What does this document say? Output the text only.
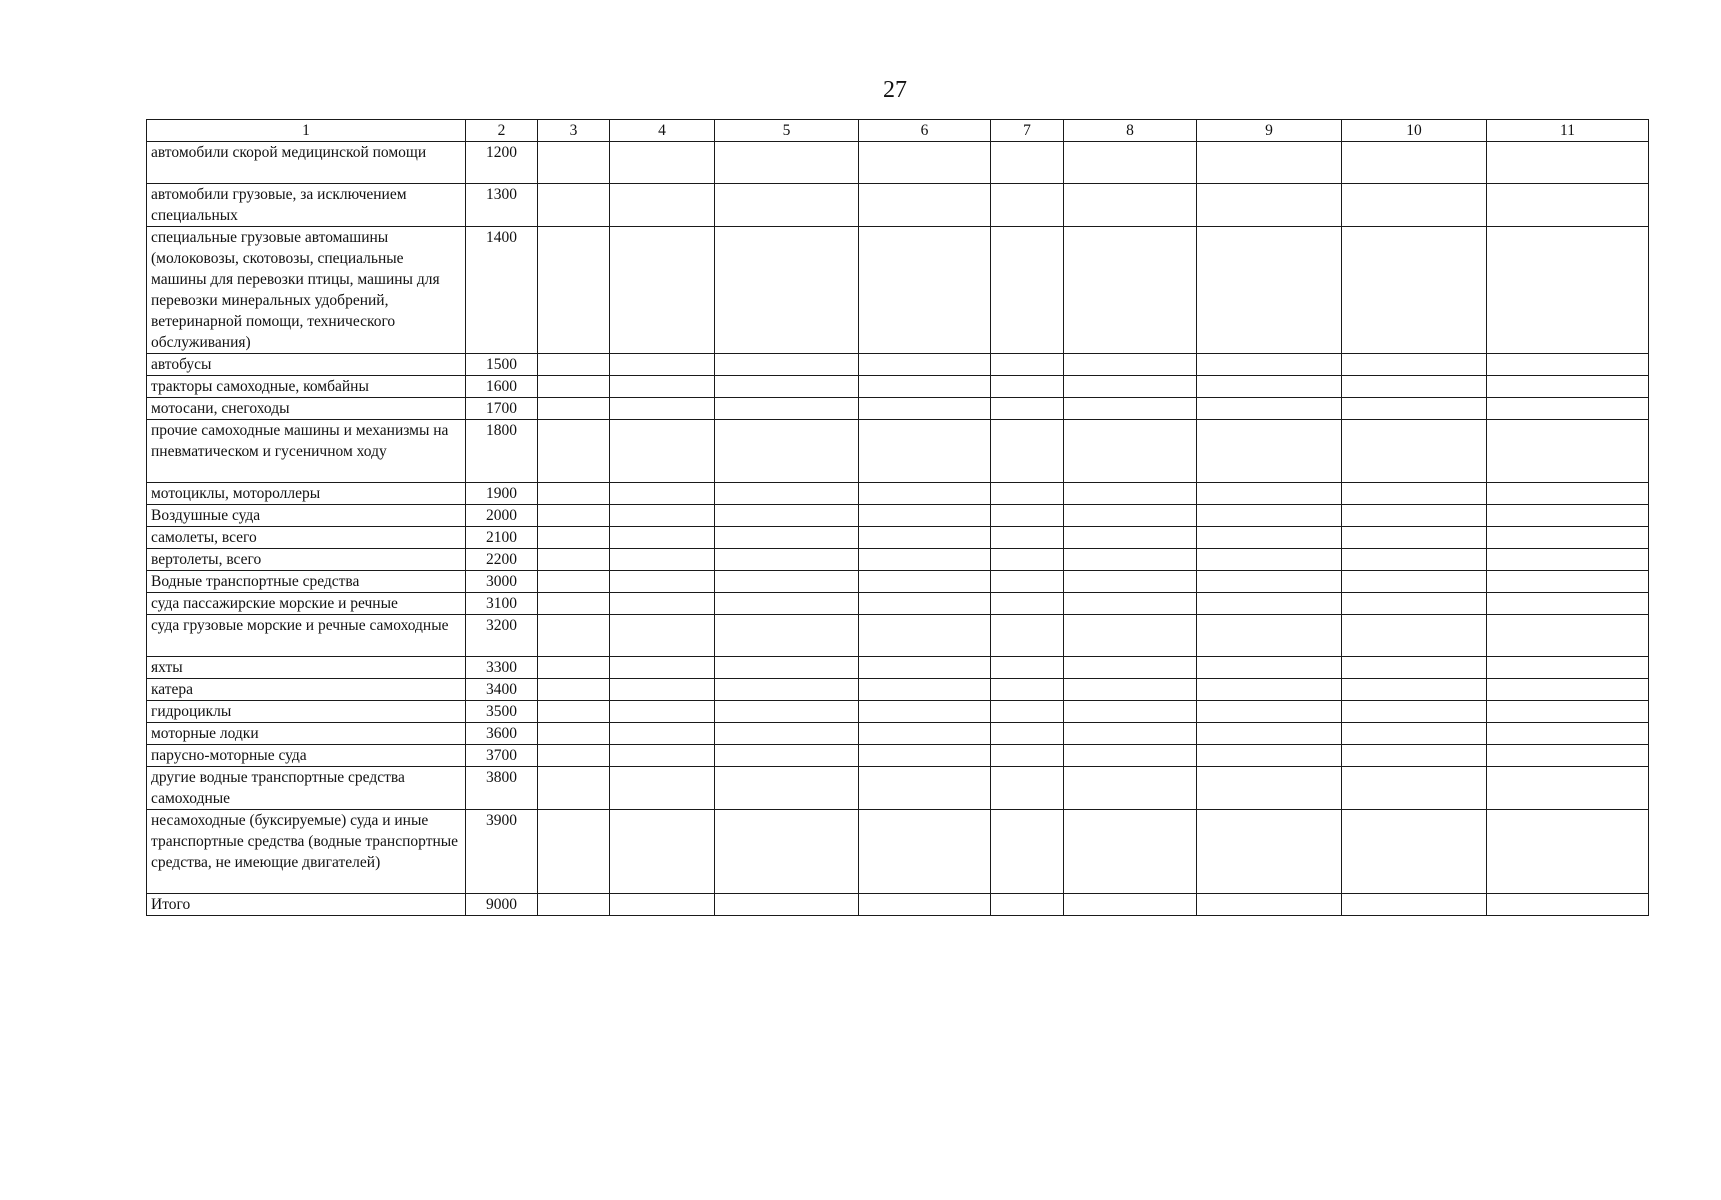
27
1	2	3	4	5	6	7	8	9	10	11
автомобили скорой медицинской помощи	1200									
автомобили грузовые, за исключением специальных	1300									
специальные грузовые автомашины (молоковозы, скотовозы, специальные машины для перевозки птицы, машины для перевозки минеральных удобрений, ветеринарной помощи, технического обслуживания)	1400									
автобусы	1500									
тракторы самоходные, комбайны	1600									
мотосани, снегоходы	1700									
прочие самоходные машины и механизмы на пневматическом и гусеничном ходу	1800									
мотоциклы, мотороллеры	1900									
Воздушные суда	2000									
самолеты, всего	2100									
вертолеты, всего	2200									
Водные транспортные средства	3000									
суда пассажирские морские и речные	3100									
суда грузовые морские и речные самоходные	3200									
яхты	3300									
катера	3400									
гидроциклы	3500									
моторные лодки	3600									
парусно-моторные суда	3700									
другие водные транспортные средства самоходные	3800									
несамоходные (буксируемые) суда и иные транспортные средства (водные транспортные средства, не имеющие двигателей)	3900									
Итого	9000									
